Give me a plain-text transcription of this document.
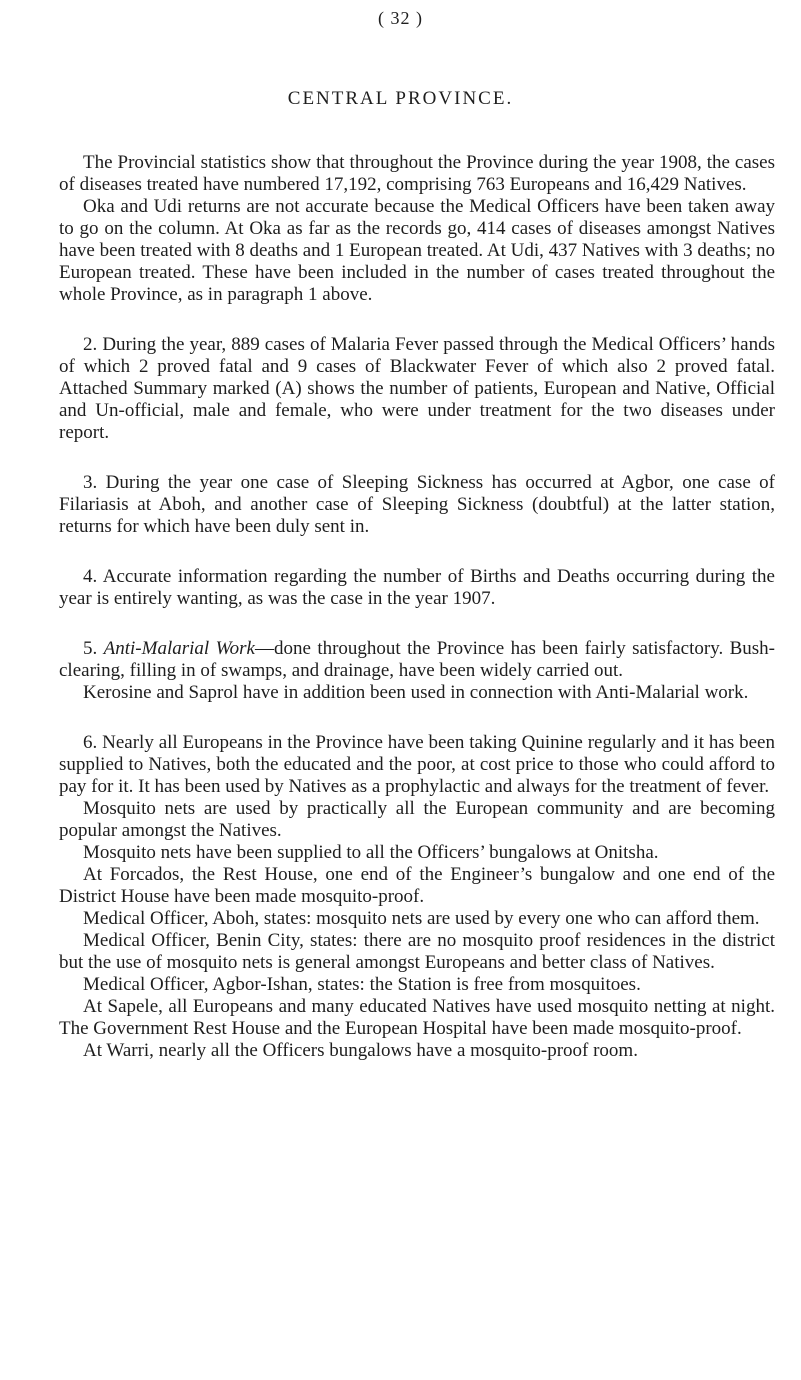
( 32 )
CENTRAL PROVINCE.

The Provincial statistics show that throughout the Province during the year 1908, the cases of diseases treated have numbered 17,192, comprising 763 Europeans and 16,429 Natives.

Oka and Udi returns are not accurate because the Medical Officers have been taken away to go on the column. At Oka as far as the records go, 414 cases of diseases amongst Natives have been treated with 8 deaths and 1 European treated. At Udi, 437 Natives with 3 deaths; no European treated. These have been included in the number of cases treated throughout the whole Province, as in paragraph 1 above.

2. During the year, 889 cases of Malaria Fever passed through the Medical Officers’ hands of which 2 proved fatal and 9 cases of Blackwater Fever of which also 2 proved fatal. Attached Summary marked (A) shows the number of patients, European and Native, Official and Un-official, male and female, who were under treatment for the two diseases under report.

3. During the year one case of Sleeping Sickness has occurred at Agbor, one case of Filariasis at Aboh, and another case of Sleeping Sickness (doubtful) at the latter station, returns for which have been duly sent in.

4. Accurate information regarding the number of Births and Deaths occurring during the year is entirely wanting, as was the case in the year 1907.

5. Anti-Malarial Work—done throughout the Province has been fairly satisfactory. Bush-clearing, filling in of swamps, and drainage, have been widely carried out.

Kerosine and Saprol have in addition been used in connection with Anti-Malarial work.

6. Nearly all Europeans in the Province have been taking Quinine regularly and it has been supplied to Natives, both the educated and the poor, at cost price to those who could afford to pay for it. It has been used by Natives as a prophylactic and always for the treatment of fever.

Mosquito nets are used by practically all the European community and are becoming popular amongst the Natives.

Mosquito nets have been supplied to all the Officers’ bungalows at Onitsha.

At Forcados, the Rest House, one end of the Engineer’s bungalow and one end of the District House have been made mosquito-proof.

Medical Officer, Aboh, states: mosquito nets are used by every one who can afford them.

Medical Officer, Benin City, states: there are no mosquito proof residences in the district but the use of mosquito nets is general amongst Europeans and better class of Natives.

Medical Officer, Agbor-Ishan, states: the Station is free from mosquitoes.

At Sapele, all Europeans and many educated Natives have used mosquito netting at night. The Government Rest House and the European Hospital have been made mosquito-proof.

At Warri, nearly all the Officers bungalows have a mosquito-proof room.
